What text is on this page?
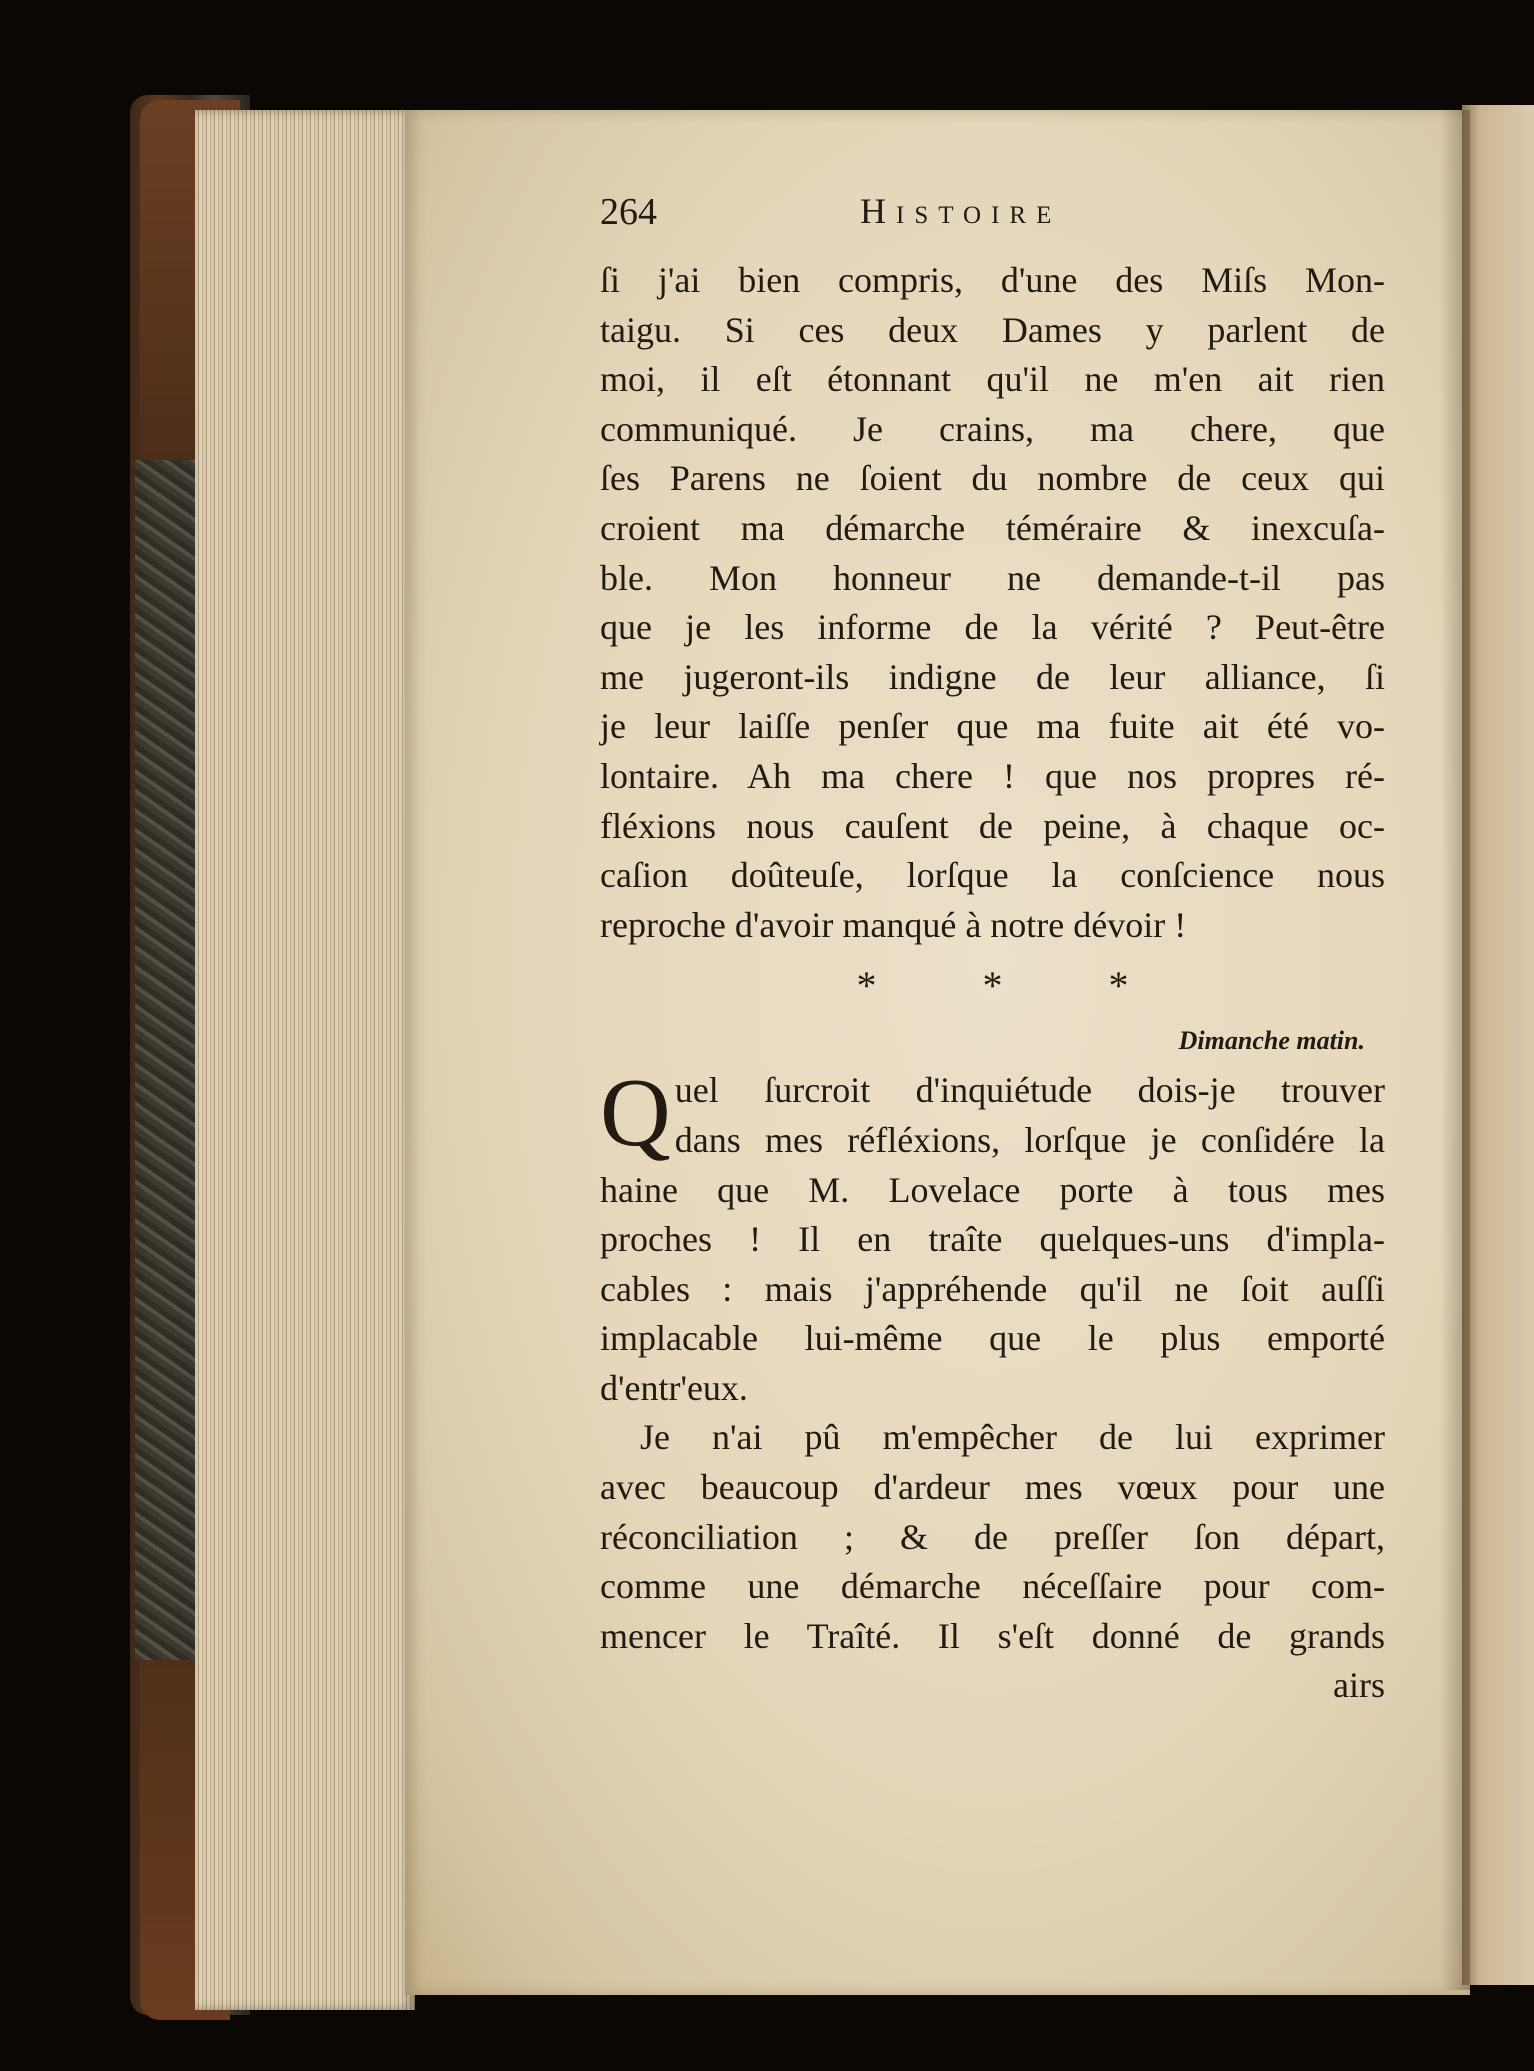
264	Histoire
ſi j'ai bien compris, d'une des Miſs Mon-
taigu. Si ces deux Dames y parlent de
moi, il eſt étonnant qu'il ne m'en ait rien
communiqué. Je crains, ma chere, que
ſes Parens ne ſoient du nombre de ceux qui
croient ma démarche téméraire & inexcuſa-
ble. Mon honneur ne demande-t-il pas
que je les informe de la vérité ? Peut-être
me jugeront-ils indigne de leur alliance, ſi
je leur laiſſe penſer que ma fuite ait été vo-
lontaire. Ah ma chere ! que nos propres ré-
fléxions nous cauſent de peine, à chaque oc-
caſion doûteuſe, lorſque la conſcience nous
reproche d'avoir manqué à notre dévoir !
*	*	*
Dimanche matin.
Q uel ſurcroit d'inquiétude dois-je trouver
dans mes réfléxions, lorſque je conſidére la
haine que M. Lovelace porte à tous mes
proches ! Il en traîte quelques-uns d'impla-
cables : mais j'appréhende qu'il ne ſoit auſſi
implacable lui-même que le plus emporté
d'entr'eux.
Je n'ai pû m'empêcher de lui exprimer
avec beaucoup d'ardeur mes vœux pour une
réconciliation ; & de preſſer ſon départ,
comme une démarche néceſſaire pour com-
mencer le Traîté. Il s'eſt donné de grands
airs
